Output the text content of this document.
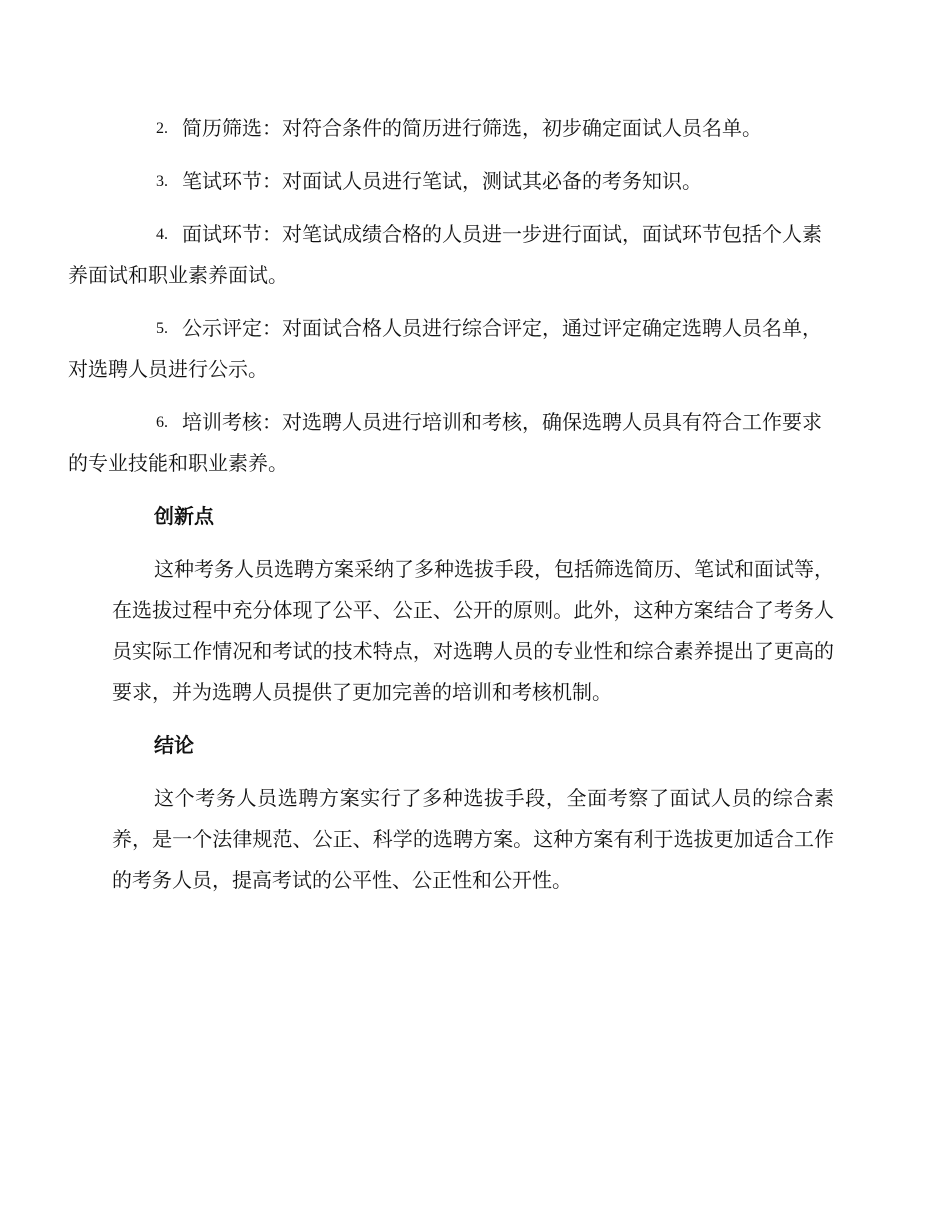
2. 简历筛选：对符合条件的简历进行筛选，初步确定面试人员名单。
3. 笔试环节：对面试人员进行笔试，测试其必备的考务知识。
4. 面试环节：对笔试成绩合格的人员进一步进行面试，面试环节包括个人素养面试和职业素养面试。
5. 公示评定：对面试合格人员进行综合评定，通过评定确定选聘人员名单，对选聘人员进行公示。
6. 培训考核：对选聘人员进行培训和考核，确保选聘人员具有符合工作要求的专业技能和职业素养。
创新点

这种考务人员选聘方案采纳了多种选拔手段，包括筛选简历、笔试和面试等，在选拔过程中充分体现了公平、公正、公开的原则。此外，这种方案结合了考务人员实际工作情况和考试的技术特点，对选聘人员的专业性和综合素养提出了更高的要求，并为选聘人员提供了更加完善的培训和考核机制。

结论

这个考务人员选聘方案实行了多种选拔手段，全面考察了面试人员的综合素养，是一个法律规范、公正、科学的选聘方案。这种方案有利于选拔更加适合工作的考务人员，提高考试的公平性、公正性和公开性。
